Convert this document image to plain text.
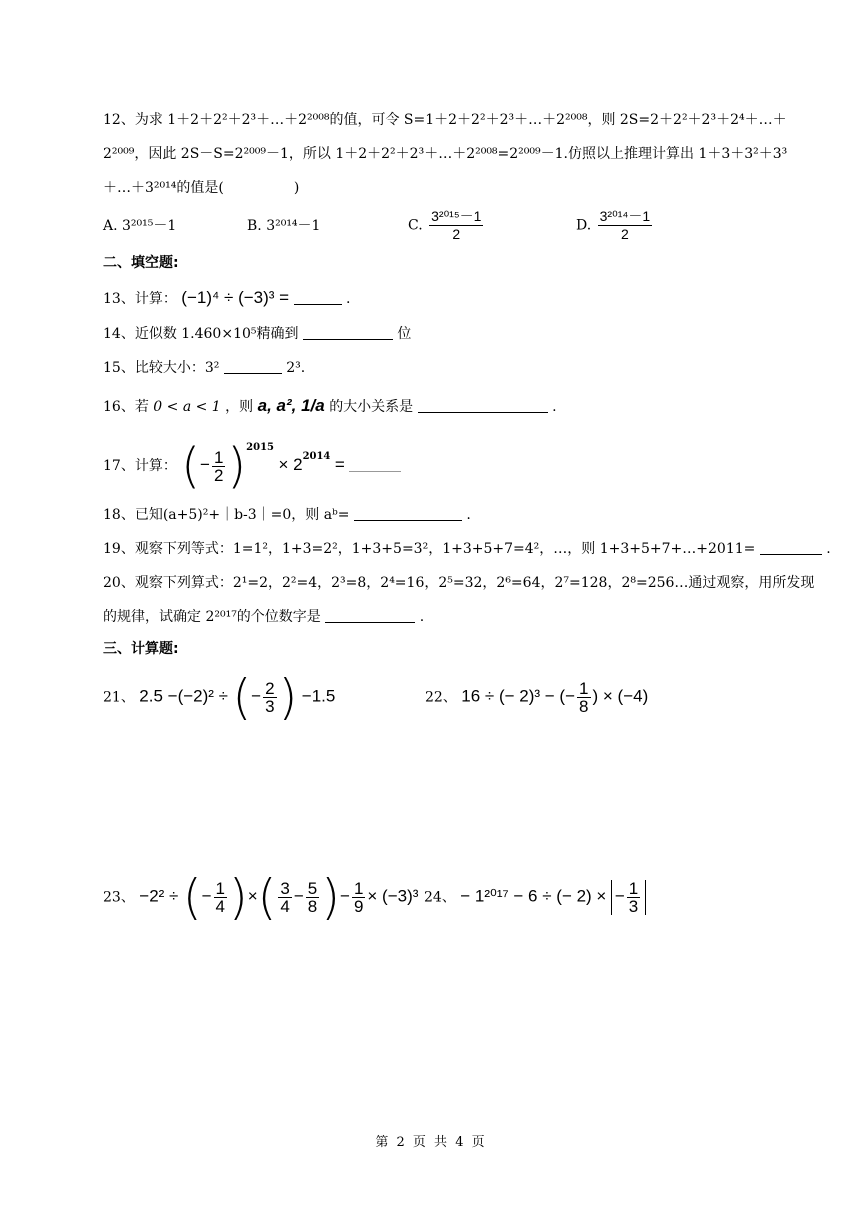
12、为求 1＋2＋2²＋2³＋…＋2²⁰⁰⁸的值，可令 S=1＋2＋2²＋2³＋…＋2²⁰⁰⁸，则 2S=2＋2²＋2³＋2⁴＋…＋
2²⁰⁰⁹，因此 2S－S=2²⁰⁰⁹－1，所以 1＋2＋2²＋2³＋…＋2²⁰⁰⁸=2²⁰⁰⁹－1.仿照以上推理计算出 1＋3＋3²＋3³
＋…＋3²⁰¹⁴的值是(　　　　　)
A. 3²⁰¹⁵－1	B. 3²⁰¹⁴－1	C. $\frac{\text{3²⁰¹⁵－1}}{2}$	D. $\frac{\text{3²⁰¹⁴－1}}{2}$
二、填空题:
13、计算： (−1)⁴ ÷ (−3)³ =	.
14、近似数 1.460×10⁵精确到	位
15、比较大小：3²	2³.
16、若 0 < a < 1 ，则 a, a², 1/a 的大小关系是	.
17、计算： (− $\frac{1}{2} )^{2015} \times 2^{2014}$ =
18、已知(a+5)²+｜b-3｜=0，则 aᵇ=	.
19、观察下列等式：1=1²，1+3=2²，1+3+5=3²，1+3+5+7=4²，…，则 1+3+5+7+…+2011=	.
20、观察下列算式：2¹=2，2²=4，2³=8，2⁴=16，2⁵=32，2⁶=64，2⁷=128，2⁸=256…通过观察，用所发现
的规律，试确定 2²⁰¹⁷的个位数字是	.
三、计算题:
21、 2.5 −(−2)² ÷ (− $\frac{2}{3}$ ) −1.5	22、 16 ÷ (− 2)³ − (− $\frac{1}{8}$ ) × (−4)
23、 −2² ÷ (− $\frac{1}{4}$ )×( $\frac{3}{4} - \frac{5}{8}$ )− $\frac{1}{9} \times (-3)^3$ 24、 − 1²⁰¹⁷ − 6 ÷ (− 2) × − $\frac{1}{3}$
第 2 页 共 4 页
